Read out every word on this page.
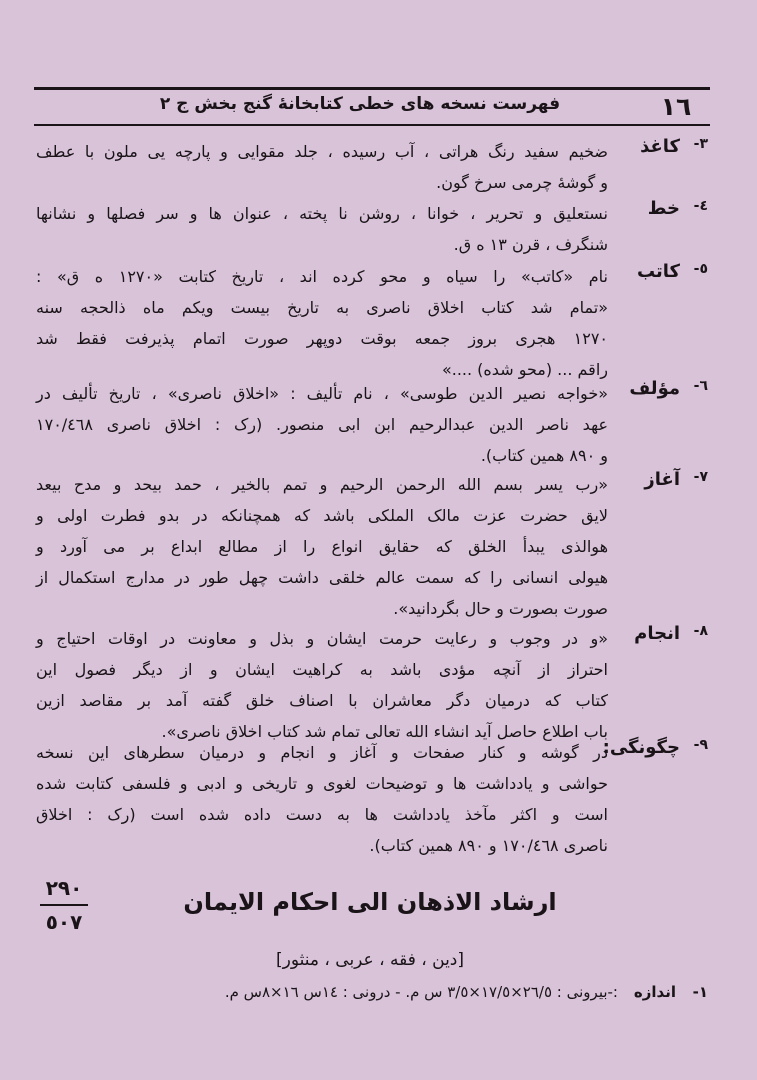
١٦
فهرست نسخه های خطی کتابخانهٔ گنج بخش ج ٢
٣-
كاغذ
ضخیم سفید رنگ هراتی ، آب رسیده ، جلد مقوایی و پارچه یی ملون با عطف
و گوشهٔ چرمی سرخ گون.
٤-
خط
نستعلیق و تحریر ، خوانا ، روشن نا پخته ، عنوان ها و سر فصلها و نشانها
شنگرف ، قرن ١٣ ه ق.
٥-
کاتب
نام «کاتب» را سیاه و محو کرده اند ، تاریخ کتابت «١٢٧٠ ه ق» :
«تمام شد کتاب اخلاق ناصری به تاریخ بیست ویکم ماه ذالحجه سنه
١٢٧٠ هجری بروز جمعه بوقت دوپهر صورت اتمام پذیرفت فقط شد
راقم ... (محو شده) ....»
٦-
مؤلف
«خواجه نصیر الدین طوسی» ، نام تألیف : «اخلاق ناصری» ، تاریخ تألیف در
عهد ناصر الدین عبدالرحیم ابن ابی منصور. (رک : اخلاق ناصری ١٧٠/٤٦٨
و ٨٩٠ همین کتاب).
٧-
آغاز
«رب یسر بسم الله الرحمن الرحیم و تمم بالخیر ، حمد بیحد و مدح بیعد
لایق حضرت عزت مالک الملکی باشد که همچنانکه در بدو فطرت اولی و
هوالذی یبدأ الخلق که حقایق انواع را از مطالع ابداع بر می آورد و
هیولی انسانی را که سمت عالم خلقی داشت چهل طور در مدارج استکمال از
صورت بصورت و حال بگردانید».
٨-
انجام
«و در وجوب و رعایت حرمت ایشان و بذل و معاونت در اوقات احتیاج و
احتراز از آنچه مؤدی باشد به کراهیت ایشان و از دیگر فصول این
کتاب که درمیان دگر معاشران با اصناف خلق گفته آمد بر مقاصد ازین
باب اطلاع حاصل آید انشاء الله تعالی تمام شد کتاب اخلاق ناصری».
٩-
چگونگی:
در گوشه و کنار صفحات و آغاز و انجام و درمیان سطرهای این نسخه
حواشی و یادداشت ها و توضیحات لغوی و تاریخی و ادبی و فلسفی کتابت شده
است و اکثر مآخذ یادداشت ها به دست داده شده است (رک : اخلاق
ناصری ١٧٠/٤٦٨ و ٨٩٠ همین کتاب).
٢٩٠
٥٠٧
ارشاد الاذهان الی احکام الایمان
[دین ، فقه ، عربی ، منثور]
١-
اندازه
:-بیرونی : ٢٦/٥×١٧/٥×٣/٥ س م. - درونی : ١٤س ١٦×٨س م.
